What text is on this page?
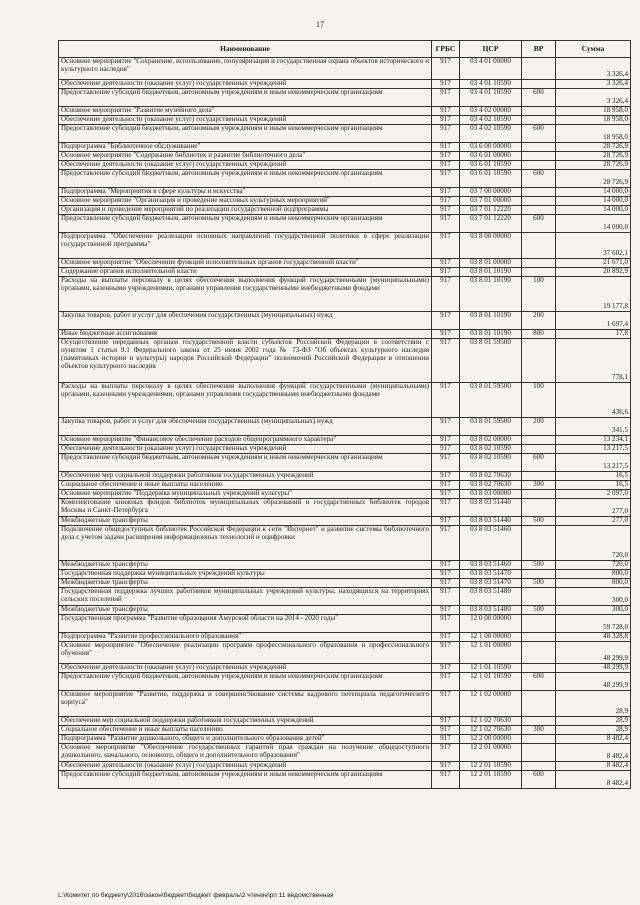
17
Наименование	ГРБС	ЦСР	ВР	Сумма
Основное мероприятие "Сохранение, использование, популяризация и государственная охрана объектов исторического и культурного наследия"	917	03 4 01 00000		3 326,4
Обеспечение деятельности (оказание услуг) государственных учреждений	917	03 4 01 10590		3 326,4
Предоставление субсидий бюджетным, автономным учреждениям и иным некоммерческим организациям	917	03 4 01 10590	600	3 326,4
Основное мероприятие "Развитие музейного дела"	917	03 4 02 00000		18 958,0
Обеспечение деятельности (оказание услуг) государственных учреждений	917	03 4 02 10590		18 958,0
Предоставление субсидий бюджетным, автономным учреждениям и иным некоммерческим организациям	917	03 4 02 10590	600	18 958,0
Подпрограмма "Библиотечное обслуживание"	917	03 6 00 00000		28 726,9
Основное мероприятие "Содержание библиотек и развитие библиотечного дела"	917	03 6 01 00000		28 726,9
Обеспечение деятельности (оказание услуг) государственных учреждений	917	03 6 01 10590		28 726,9
Предоставление субсидий бюджетным, автономным учреждениям и иным некоммерческим организациям	917	03 6 01 10590	600	28 726,9
Подпрограмма "Мероприятия в сфере культуры и искусства"	917	03 7 00 00000		14 000,0
Основное мероприятие "Организация и проведение массовых культурных мероприятий"	917	03 7 01 00000		14 000,0
Организация и проведение мероприятий по реализации государственной подпрограммы	917	03 7 01 12220		14 000,0
Предоставление субсидий бюджетным, автономным учреждениям и иным некоммерческим организациям	917	03 7 01 12220	600	14 000,0
Подпрограмма "Обеспечение реализации основных направлений государственной политики в сфере реализации государственной программы"	917	03 8 00 00000		37 602,1
Основное мероприятие "Обеспечение функций исполнительных органов государственной власти"	917	03 8 01 00000		21 671,0
Содержание органов исполнительной власти	917	03 8 01 10190		20 892,9
Расходы на выплаты персоналу в целях обеспечения выполнения функций государственными (муниципальными) органами, казенными учреждениями, органами управления государственными внебюджетными фондами	917	03 8 01 10190	100	19 177,8
Закупка товаров, работ и услуг для обеспечения государственных (муниципальных) нужд	917	03 8 01 10190	200	1 697,4
Иные бюджетные ассигнования	917	03 8 01 10190	800	17,8
Осуществление переданных органам государственной власти субъектов Российской Федерации в соответствии с пунктом 1 статьи 9.1 Федерального закона от 25 июня 2002 года № 73-ФЗ "Об объектах культурного наследия (памятниках истории и культуры) народов Российской Федерации" полномочий Российской Федерации в отношении объектов культурного наследия	917	03 8 01 59500		778,1
Расходы на выплаты персоналу в целях обеспечения выполнения функций государственными (муниципальными) органами, казенными учреждениями, органами управления государственными внебюджетными фондами	917	03 8 01 59500	100	436,6
Закупка товаров, работ и услуг для обеспечения государственных (муниципальных) нужд	917	03 8 01 59500	200	341,5
Основное мероприятие "Финансовое обеспечение расходов общепрограммного характера"	917	03 8 02 00000		13 234,1
Обеспечение деятельности (оказание услуг) государственных учреждений	917	03 8 02 10590		13 217,5
Предоставление субсидий бюджетным, автономным учреждениям и иным некоммерческим организациям	917	03 8 02 10590	600	13 217,5
Обеспечение мер социальной поддержки работников государственных учреждений	917	03 8 02 70630		16,5
Социальное обеспечение и иные выплаты населению	917	03 8 02 70630	300	16,5
Основное мероприятие "Поддержка муниципальных учреждений культуры"	917	03 8 03 00000		2 097,0
Комплектование книжных фондов библиотек муниципальных образований и государственных библиотек городов Москвы и Санкт-Петербурга	917	03 8 03 51440		277,0
Межбюджетные трансферты	917	03 8 03 51440	500	277,0
Подключение общедоступных библиотек Российской Федерации к сети "Интернет" и развитие системы библиотечного дела с учетом задачи расширения информационных технологий и оцифровки	917	03 8 03 51460		720,0
Межбюджетные трансферты	917	03 8 03 51460	500	720,0
Государственная поддержка муниципальных учреждений культуры	917	03 8 03 51470		800,0
Межбюджетные трансферты	917	03 8 03 51470	500	800,0
Государственная поддержка лучших работников муниципальных учреждений культуры, находящихся на территориях сельских поселений	917	03 8 03 51480		300,0
Межбюджетные трансферты	917	03 8 03 51480	500	300,0
Государственная программа "Развитие образования Амурской области на 2014 - 2020 годы"	917	12 0 00 00000		59 728,0
Подпрограмма "Развитие профессионального образования"	917	12 1 00 00000		48 328,8
Основное мероприятие "Обеспечение реализации программ профессионального образования и профессионального обучения"	917	12 1 01 00000		48 299,9
Обеспечение деятельности (оказание услуг) государственных учреждений	917	12 1 01 10590		48 299,9
Предоставление субсидий бюджетным, автономным учреждениям и иным некоммерческим организациям	917	12 1 01 10590	600	48 299,9
Основное мероприятие "Развитие, поддержка и совершенствование системы кадрового потенциала педагогического корпуса"	917	12 1 02 00000		28,9
Обеспечение мер социальной поддержки работников государственных учреждений	917	12 1 02 70630		28,9
Социальное обеспечение и иные выплаты населению	917	12 1 02 70630	300	28,9
Подпрограмма "Развитие дошкольного, общего и дополнительного образования детей"	917	12 2 00 00000		8 482,4
Основное мероприятие "Обеспечение государственных гарантий прав граждан на получение общедоступного дошкольного, начального, основного, общего и дополнительного образования"	917	12 2 01 00000		8 482,4
Обеспечение деятельности (оказание услуг) государственных учреждений	917	12 2 01 10590		8 482,4
Предоставление субсидий бюджетным, автономным учреждениям и иным некоммерческим организациям	917	12 2 01 10590	600	8 482,4
L:\Комитет по бюджету\2016\закон\бюджет\бюджет февраль\2 чтение\рп 11 ведомственная
